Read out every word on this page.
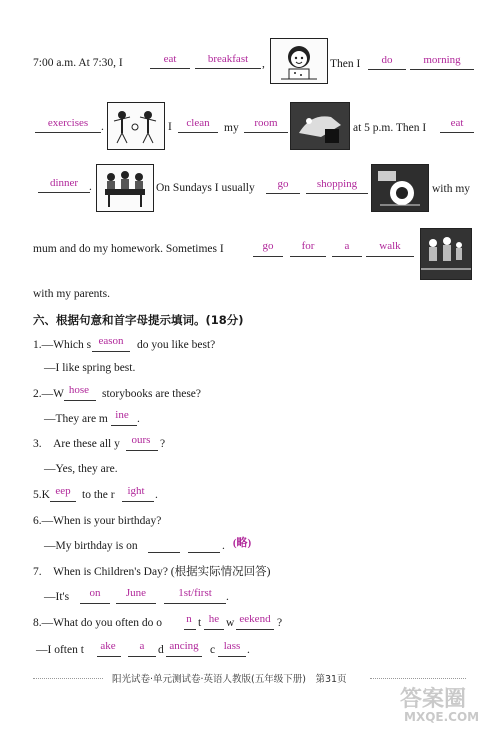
7:00 a.m. At 7:30, I	eat	breakfast	,	Then I	do	morning
exercises	.	I	clean	my	room	at 5 p.m. Then I	eat
dinner .	On Sundays I usually	go	shopping	with my
mum and do my homework. Sometimes I	go	for	a	walk
with my parents.
六、根据句意和首字母提示填词。(18分)
1.—Which s eason	do you like best?
—I like spring best.
2.—W hose	storybooks are these?
—They are m ine .
3.　Are these all y	ours ?
—Yes, they are.
5.K eep to the r	ight .
6.—When is your birthday?
—My birthday is on	. (略)
7.　When is Children's Day? (根据实际情况回答)
—It's	on	June	1st/first	.
8.—What do you often do o n t he w eekend ?
—I often t	ake	a	d ancing c lass .
阳光试卷·单元测试卷·英语人教版(五年级下册)　第31页
答案圈
MXQE.COM
